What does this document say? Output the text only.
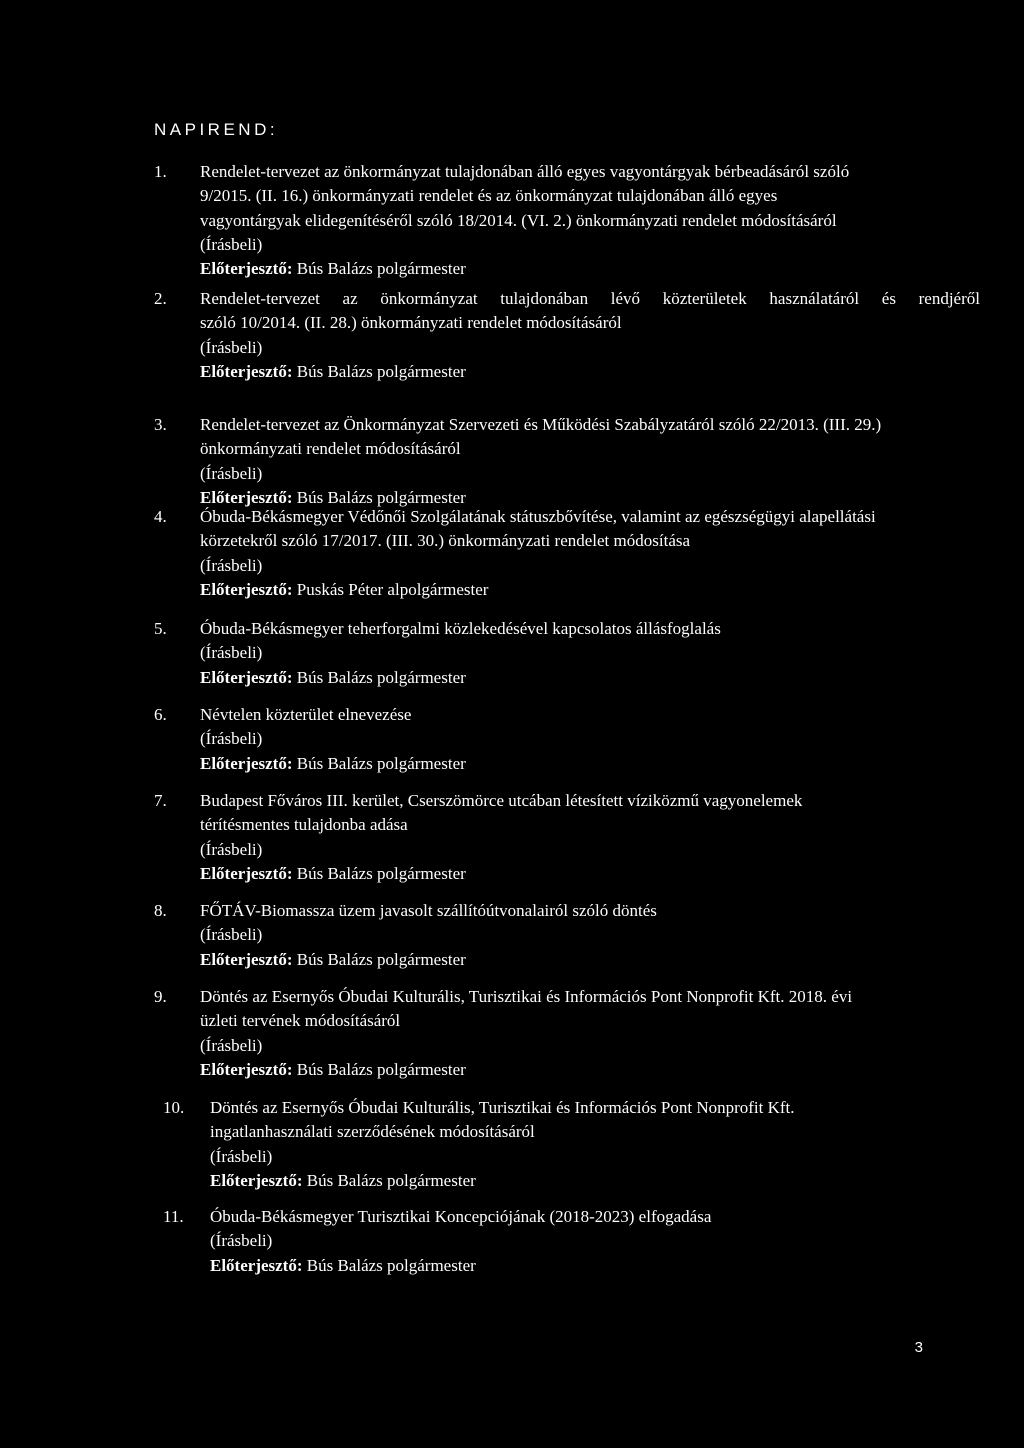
NAPIREND:
1. Rendelet-tervezet az önkormányzat tulajdonában álló egyes vagyontárgyak bérbeadásáról szóló
9/2015. (II. 16.) önkormányzati rendelet és az önkormányzat tulajdonában álló egyes
vagyontárgyak elidegenítéséről szóló 18/2014. (VI. 2.) önkormányzati rendelet módosításáról
(Írásbeli)
Előterjesztő: Bús Balázs polgármester
2. Rendelet-tervezet az önkormányzat tulajdonában lévő közterületek használatáról és rendjéről
szóló 10/2014. (II. 28.) önkormányzati rendelet módosításáról
(Írásbeli)
Előterjesztő: Bús Balázs polgármester
3. Rendelet-tervezet az Önkormányzat Szervezeti és Működési Szabályzatáról szóló 22/2013. (III. 29.)
önkormányzati rendelet módosításáról
(Írásbeli)
Előterjesztő: Bús Balázs polgármester
4. Óbuda-Békásmegyer Védőnői Szolgálatának státuszbővítése, valamint az egészségügyi alapellátási
körzetekről szóló 17/2017. (III. 30.) önkormányzati rendelet módosítása
(Írásbeli)
Előterjesztő: Puskás Péter alpolgármester
5. Óbuda-Békásmegyer teherforgalmi közlekedésével kapcsolatos állásfoglalás
(Írásbeli)
Előterjesztő: Bús Balázs polgármester
6. Névtelen közterület elnevezése
(Írásbeli)
Előterjesztő: Bús Balázs polgármester
7. Budapest Főváros III. kerület, Cserszömörce utcában létesített víziközmű vagyonelemek
térítésmentes tulajdonba adása
(Írásbeli)
Előterjesztő: Bús Balázs polgármester
8. FŐTÁV-Biomassza üzem javasolt szállítóútvonalairól szóló döntés
(Írásbeli)
Előterjesztő: Bús Balázs polgármester
9. Döntés az Esernyős Óbudai Kulturális, Turisztikai és Információs Pont Nonprofit Kft. 2018. évi
üzleti tervének módosításáról
(Írásbeli)
Előterjesztő: Bús Balázs polgármester
10. Döntés az Esernyős Óbudai Kulturális, Turisztikai és Információs Pont Nonprofit Kft.
ingatlanhasználati szerződésének módosításáról
(Írásbeli)
Előterjesztő: Bús Balázs polgármester
11. Óbuda-Békásmegyer Turisztikai Koncepciójának (2018-2023) elfogadása
(Írásbeli)
Előterjesztő: Bús Balázs polgármester
3
